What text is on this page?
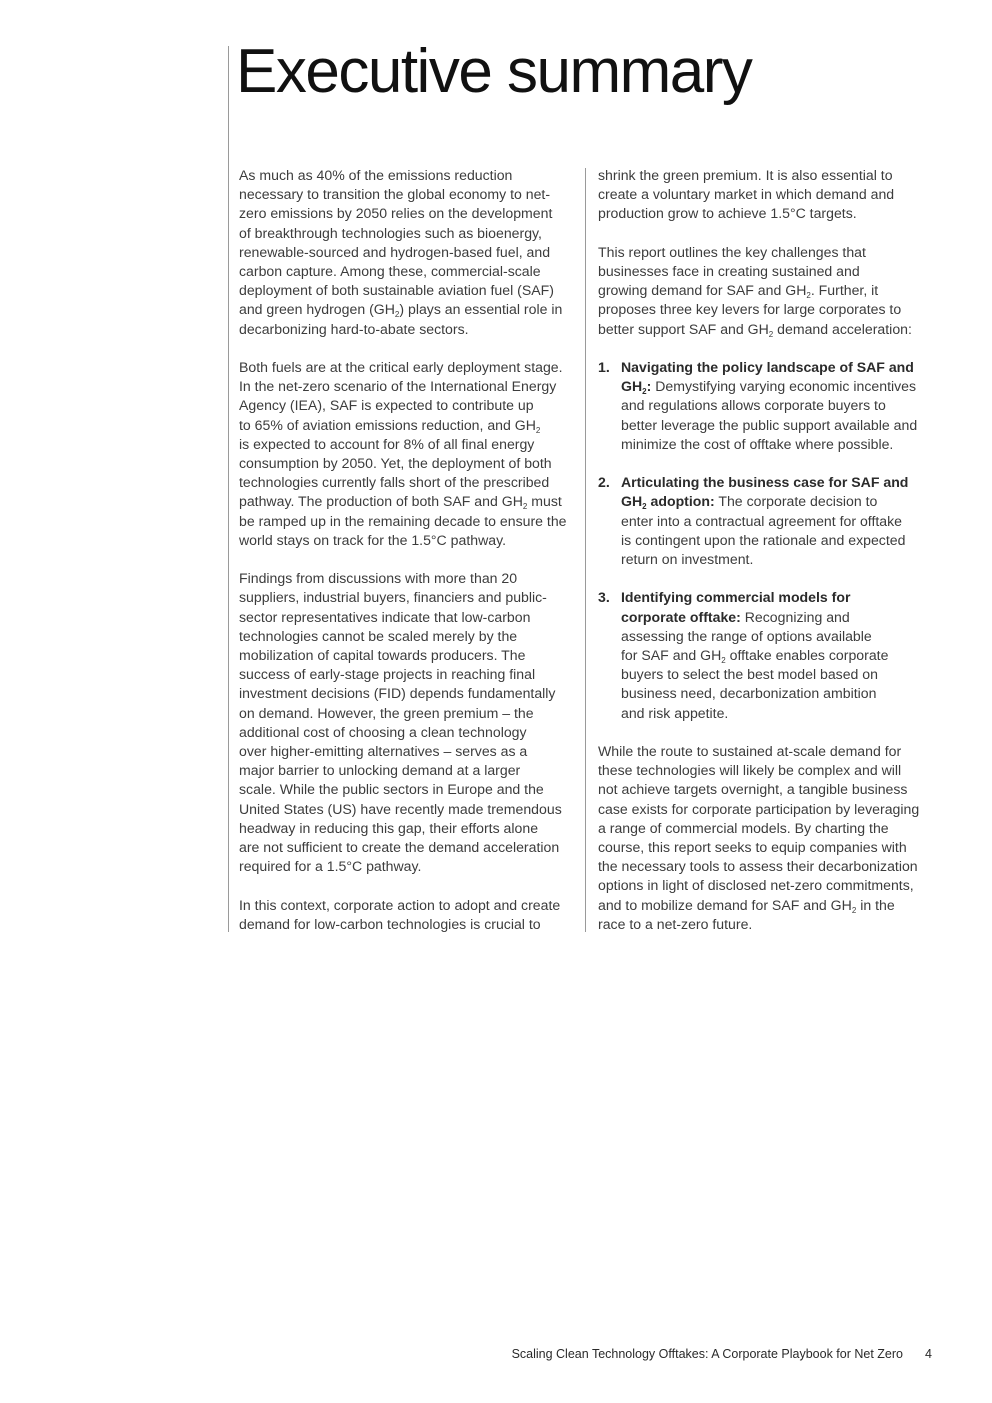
Executive summary

As much as 40% of the emissions reduction
necessary to transition the global economy to net-
zero emissions by 2050 relies on the development
of breakthrough technologies such as bioenergy,
renewable-sourced and hydrogen-based fuel, and
carbon capture. Among these, commercial-scale
deployment of both sustainable aviation fuel (SAF)
and green hydrogen $(GH_2)$ plays an essential role in
decarbonizing hard-to-abate sectors.

Both fuels are at the critical early deployment stage.
In the net-zero scenario of the International Energy
Agency (IEA), SAF is expected to contribute up
to 65% of aviation emissions reduction, and $GH_2$
is expected to account for 8% of all final energy
consumption by 2050. Yet, the deployment of both
technologies currently falls short of the prescribed
pathway. The production of both SAF and $GH_2$ must
be ramped up in the remaining decade to ensure the
world stays on track for the 1.5°C pathway.

Findings from discussions with more than 20
suppliers, industrial buyers, financiers and public-
sector representatives indicate that low-carbon
technologies cannot be scaled merely by the
mobilization of capital towards producers. The
success of early-stage projects in reaching final
investment decisions (FID) depends fundamentally
on demand. However, the green premium – the
additional cost of choosing a clean technology
over higher-emitting alternatives – serves as a
major barrier to unlocking demand at a larger
scale. While the public sectors in Europe and the
United States (US) have recently made tremendous
headway in reducing this gap, their efforts alone
are not sufficient to create the demand acceleration
required for a 1.5°C pathway.

In this context, corporate action to adopt and create
demand for low-carbon technologies is crucial to

shrink the green premium. It is also essential to
create a voluntary market in which demand and
production grow to achieve 1.5°C targets.

This report outlines the key challenges that
businesses face in creating sustained and
growing demand for SAF and $GH_2$. Further, it
proposes three key levers for large corporates to
better support SAF and $GH_2$ demand acceleration:

1. Navigating the policy landscape of SAF and
$GH_2$: Demystifying varying economic incentives
and regulations allows corporate buyers to
better leverage the public support available and
minimize the cost of offtake where possible.
2. Articulating the business case for SAF and
$GH_2$ adoption: The corporate decision to
enter into a contractual agreement for offtake
is contingent upon the rationale and expected
return on investment.
3. Identifying commercial models for
corporate offtake: Recognizing and
assessing the range of options available
for SAF and $GH_2$ offtake enables corporate
buyers to select the best model based on
business need, decarbonization ambition
and risk appetite.

While the route to sustained at-scale demand for
these technologies will likely be complex and will
not achieve targets overnight, a tangible business
case exists for corporate participation by leveraging
a range of commercial models. By charting the
course, this report seeks to equip companies with
the necessary tools to assess their decarbonization
options in light of disclosed net-zero commitments,
and to mobilize demand for SAF and $GH_2$ in the
race to a net-zero future.

Scaling Clean Technology Offtakes: A Corporate Playbook for Net Zero 4
